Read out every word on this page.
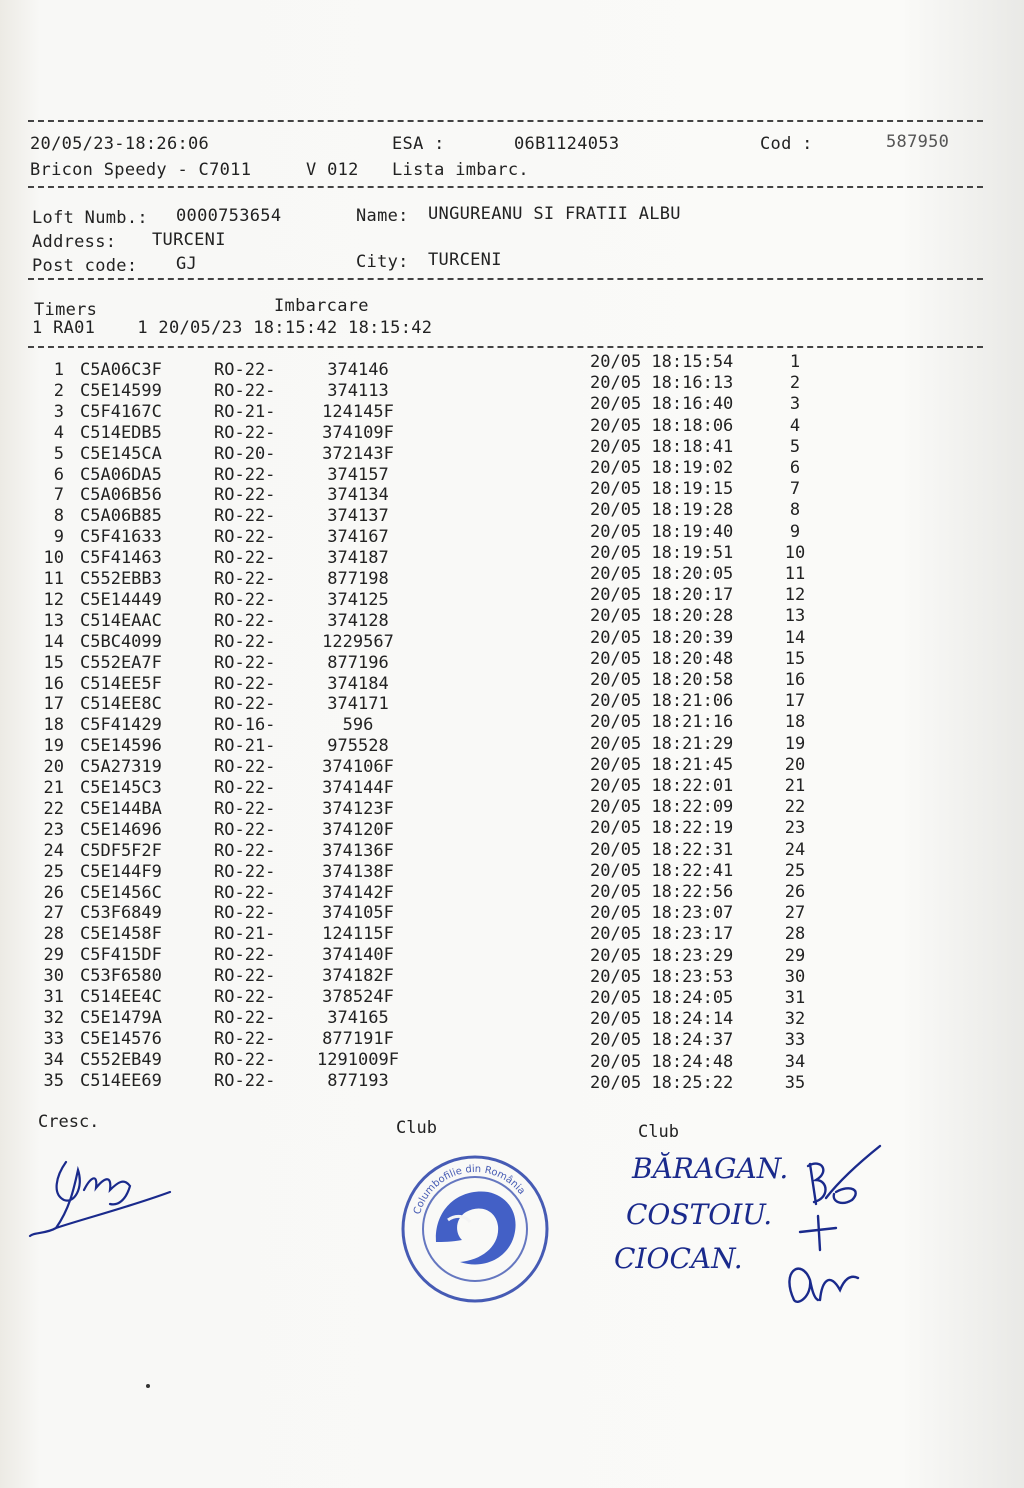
20/05/23-18:26:06	ESA :	06B1124053	Cod :	587950
Bricon Speedy - C7011	V 012 Lista imbarc.
Loft Numb.: 0000753654	Name: UNGUREANU SI FRATII ALBU
Address: TURCENI
Post code: GJ	City: TURCENI
Timers	Imbarcare
1 RA01    1 20/05/23 18:15:42 18:15:42
1 C5A06C3F	RO-22-	374146	20/05 18:15:54	1
2 C5E14599	RO-22-	374113	20/05 18:16:13	2
3 C5F4167C	RO-21-	124145F	20/05 18:16:40	3
4 C514EDB5	RO-22-	374109F	20/05 18:18:06	4
5 C5E145CA	RO-20-	372143F	20/05 18:18:41	5
6 C5A06DA5	RO-22-	374157	20/05 18:19:02	6
7 C5A06B56	RO-22-	374134	20/05 18:19:15	7
8 C5A06B85	RO-22-	374137	20/05 18:19:28	8
9 C5F41633	RO-22-	374167	20/05 18:19:40	9
10 C5F41463	RO-22-	374187	20/05 18:19:51	10
11 C552EBB3	RO-22-	877198	20/05 18:20:05	11
12 C5E14449	RO-22-	374125	20/05 18:20:17	12
13 C514EAAC	RO-22-	374128	20/05 18:20:28	13
14 C5BC4099	RO-22-	1229567	20/05 18:20:39	14
15 C552EA7F	RO-22-	877196	20/05 18:20:48	15
16 C514EE5F	RO-22-	374184	20/05 18:20:58	16
17 C514EE8C	RO-22-	374171	20/05 18:21:06	17
18 C5F41429	RO-16-	596	20/05 18:21:16	18
19 C5E14596	RO-21-	975528	20/05 18:21:29	19
20 C5A27319	RO-22-	374106F	20/05 18:21:45	20
21 C5E145C3	RO-22-	374144F	20/05 18:22:01	21
22 C5E144BA	RO-22-	374123F	20/05 18:22:09	22
23 C5E14696	RO-22-	374120F	20/05 18:22:19	23
24 C5DF5F2F	RO-22-	374136F	20/05 18:22:31	24
25 C5E144F9	RO-22-	374138F	20/05 18:22:41	25
26 C5E1456C	RO-22-	374142F	20/05 18:22:56	26
27 C53F6849	RO-22-	374105F	20/05 18:23:07	27
28 C5E1458F	RO-21-	124115F	20/05 18:23:17	28
29 C5F415DF	RO-22-	374140F	20/05 18:23:29	29
30 C53F6580	RO-22-	374182F	20/05 18:23:53	30
31 C514EE4C	RO-22-	378524F	20/05 18:24:05	31
32 C5E1479A	RO-22-	374165	20/05 18:24:14	32
33 C5E14576	RO-22-	877191F	20/05 18:24:37	33
34 C552EB49	RO-22-	1291009F	20/05 18:24:48	34
35 C514EE69	RO-22-	877193	20/05 18:25:22	35
Cresc.	Club	Club
Columbofilie din România
BĂRAGAN.
COSTOIU.
CIOCAN.
